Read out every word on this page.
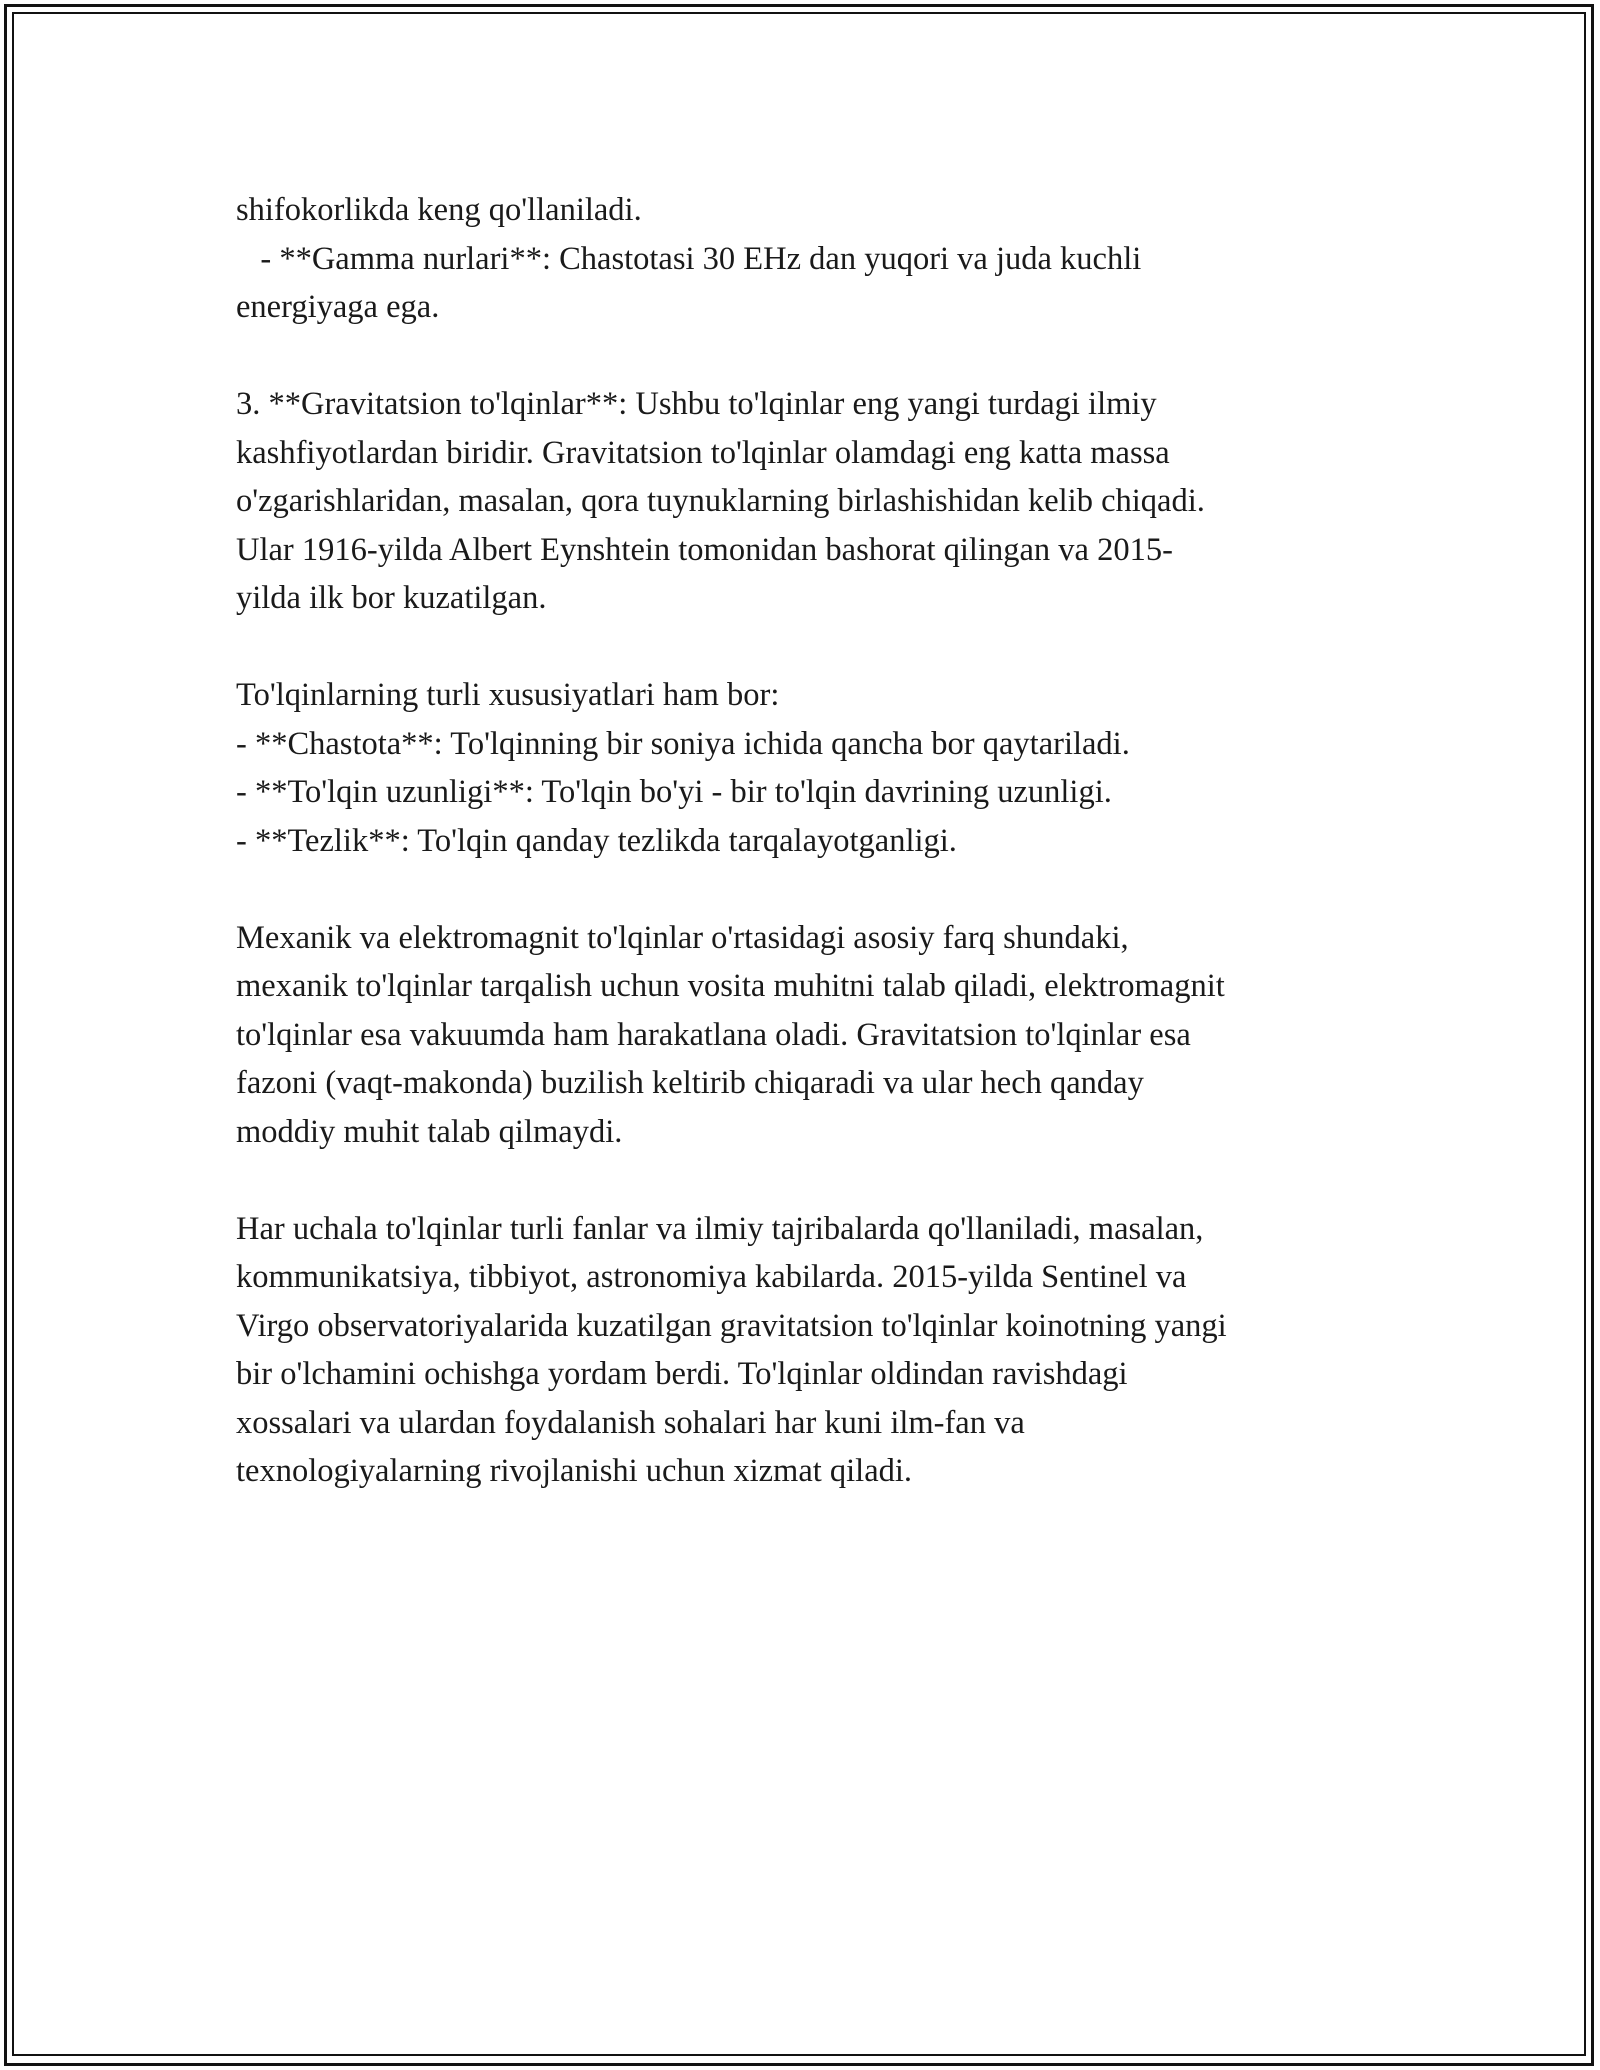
shifokorlikda keng qo'llaniladi.
- **Gamma nurlari**: Chastotasi 30 EHz dan yuqori va juda kuchli
energiyaga ega.
3. **Gravitatsion to'lqinlar**: Ushbu to'lqinlar eng yangi turdagi ilmiy
kashfiyotlardan biridir. Gravitatsion to'lqinlar olamdagi eng katta massa
o'zgarishlaridan, masalan, qora tuynuklarning birlashishidan kelib chiqadi.
Ular 1916-yilda Albert Eynshtein tomonidan bashorat qilingan va 2015-
yilda ilk bor kuzatilgan.
To'lqinlarning turli xususiyatlari ham bor:
- **Chastota**: To'lqinning bir soniya ichida qancha bor qaytariladi.
- **To'lqin uzunligi**: To'lqin bo'yi - bir to'lqin davrining uzunligi.
- **Tezlik**: To'lqin qanday tezlikda tarqalayotganligi.
Mexanik va elektromagnit to'lqinlar o'rtasidagi asosiy farq shundaki,
mexanik to'lqinlar tarqalish uchun vosita muhitni talab qiladi, elektromagnit
to'lqinlar esa vakuumda ham harakatlana oladi. Gravitatsion to'lqinlar esa
fazoni (vaqt-makonda) buzilish keltirib chiqaradi va ular hech qanday
moddiy muhit talab qilmaydi.
Har uchala to'lqinlar turli fanlar va ilmiy tajribalarda qo'llaniladi, masalan,
kommunikatsiya, tibbiyot, astronomiya kabilarda. 2015-yilda Sentinel va
Virgo observatoriyalarida kuzatilgan gravitatsion to'lqinlar koinotning yangi
bir o'lchamini ochishga yordam berdi. To'lqinlar oldindan ravishdagi
xossalari va ulardan foydalanish sohalari har kuni ilm-fan va
texnologiyalarning rivojlanishi uchun xizmat qiladi.
